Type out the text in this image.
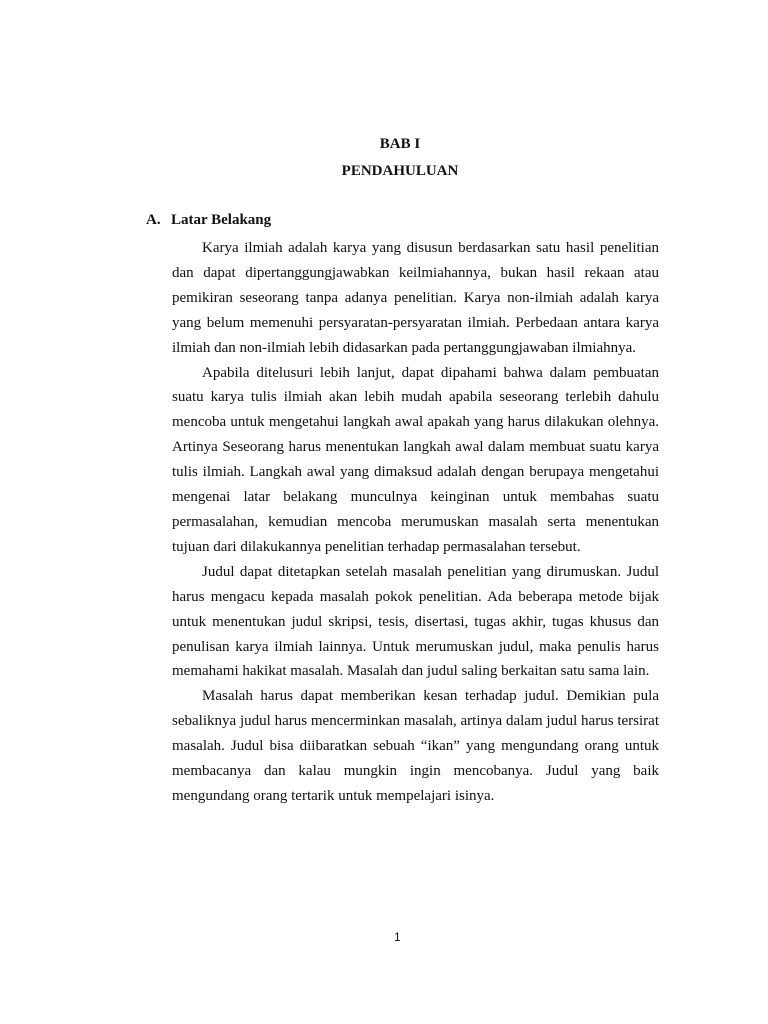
BAB I
PENDAHULUAN
A. Latar Belakang

Karya ilmiah adalah karya yang disusun berdasarkan satu hasil penelitian dan dapat dipertanggungjawabkan keilmiahannya, bukan hasil rekaan atau pemikiran seseorang tanpa adanya penelitian. Karya non-ilmiah adalah karya yang belum memenuhi persyaratan-persyaratan ilmiah. Perbedaan antara karya ilmiah dan non-ilmiah lebih didasarkan pada pertanggungjawaban ilmiahnya.

Apabila ditelusuri lebih lanjut, dapat dipahami bahwa dalam pembuatan suatu karya tulis ilmiah akan lebih mudah apabila seseorang terlebih dahulu mencoba untuk mengetahui langkah awal apakah yang harus dilakukan olehnya. Artinya Seseorang harus menentukan langkah awal dalam membuat suatu karya tulis ilmiah. Langkah awal yang dimaksud adalah dengan berupaya mengetahui mengenai latar belakang munculnya keinginan untuk membahas suatu permasalahan, kemudian mencoba merumuskan masalah serta menentukan tujuan dari dilakukannya penelitian terhadap permasalahan tersebut.

Judul dapat ditetapkan setelah masalah penelitian yang dirumuskan. Judul harus mengacu kepada masalah pokok penelitian. Ada beberapa metode bijak untuk menentukan judul skripsi, tesis, disertasi, tugas akhir, tugas khusus dan penulisan karya ilmiah lainnya. Untuk merumuskan judul, maka penulis harus memahami hakikat masalah. Masalah dan judul saling berkaitan satu sama lain.

Masalah harus dapat memberikan kesan terhadap judul. Demikian pula sebaliknya judul harus mencerminkan masalah, artinya dalam judul harus tersirat masalah. Judul bisa diibaratkan sebuah “ikan” yang mengundang orang untuk membacanya dan kalau mungkin ingin mencobanya. Judul yang baik mengundang orang tertarik untuk mempelajari isinya.

1
